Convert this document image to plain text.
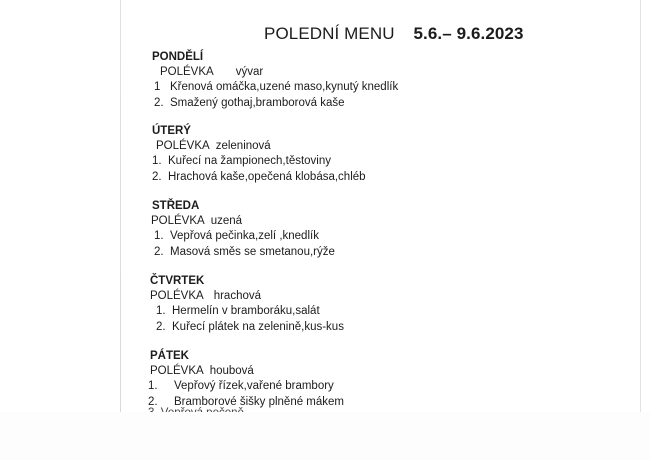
POLEDNÍ MENU 5.6.– 9.6.2023
PONDĚLÍ
POLÉVKA vývar
1 Křenová omáčka,uzené maso,kynutý knedlík
2. Smažený gothaj,bramborová kaše
ÚTERÝ
POLÉVKA zeleninová
1. Kuřecí na žampionech,těstoviny
2. Hrachová kaše,opečená klobása,chléb
STŘEDA
POLÉVKA uzená
1. Vepřová pečinka,zelí ,knedlík
2. Masová směs se smetanou,rýže
ČTVRTEK
POLÉVKA hrachová
1. Hermelín v bramboráku,salát
2. Kuřecí plátek na zelenině,kus-kus
PÁTEK
POLÉVKA houbová
1. Vepřový řízek,vařené brambory
2. Bramborové šišky plněné mákem
